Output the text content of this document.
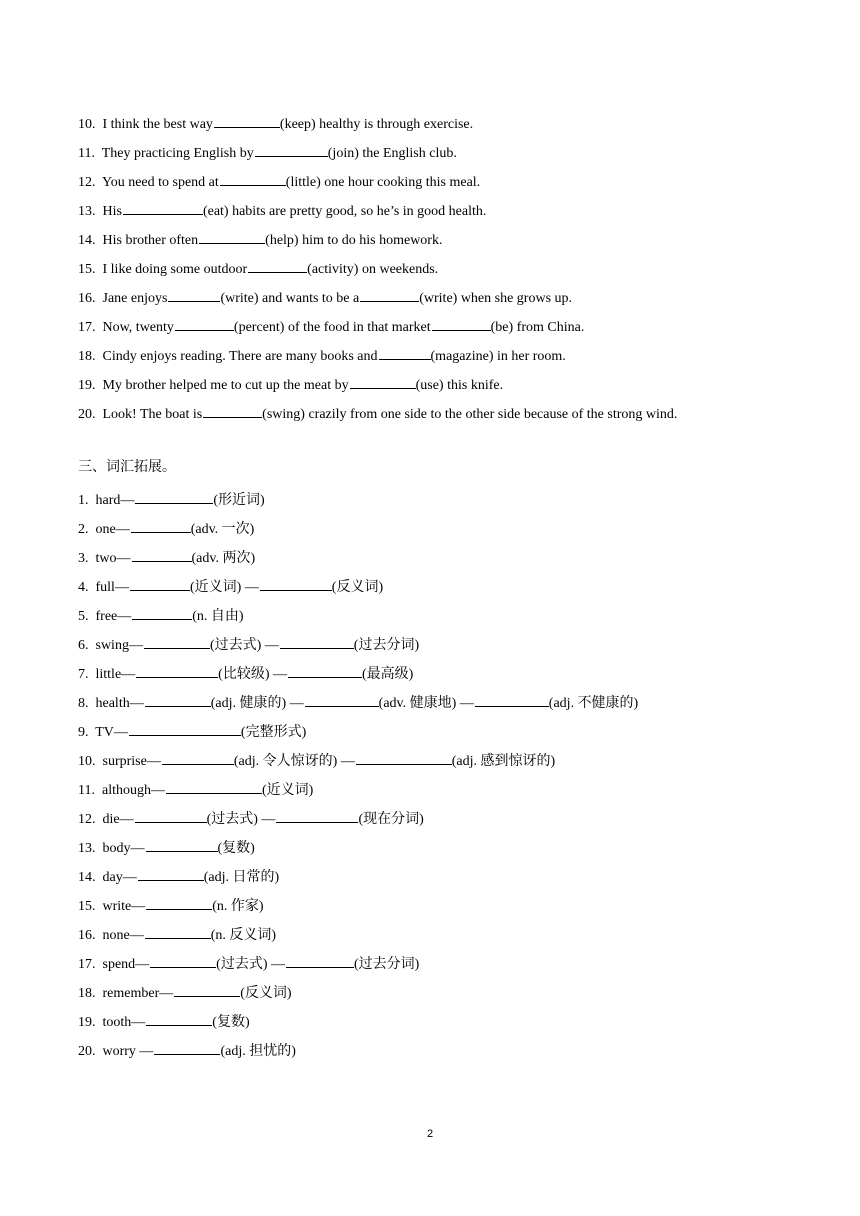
10. I think the best way	(keep) healthy is through exercise.
11. They practicing English by	(join) the English club.
12. You need to spend at	(little) one hour cooking this meal.
13. His	(eat) habits are pretty good, so he’s in good health.
14. His brother often	(help) him to do his homework.
15. I like doing some outdoor	(activity) on weekends.
16. Jane enjoys	(write) and wants to be a	(write) when she grows up.
17. Now, twenty	(percent) of the food in that market	(be) from China.
18. Cindy enjoys reading. There are many books and	(magazine) in her room.
19. My brother helped me to cut up the meat by	(use) this knife.
20. Look! The boat is	(swing) crazily from one side to the other side because of the strong wind.
三、词汇拓展。
1. hard—	(形近词)
2. one—	(adv. 一次)
3. two—	(adv. 两次)
4. full—	(近义词) —	(反义词)
5. free—	(n. 自由)
6. swing—	(过去式) —	(过去分词)
7. little—	(比较级) —	(最高级)
8. health—	(adj. 健康的) —	(adv. 健康地) —	(adj. 不健康的)
9. TV—	(完整形式)
10. surprise—	(adj. 令人惊讶的) —	(adj. 感到惊讶的)
11. although—	(近义词)
12. die—	(过去式) —	(现在分词)
13. body—	(复数)
14. day—	(adj. 日常的)
15. write—	(n. 作家)
16. none—	(n. 反义词)
17. spend—	(过去式) —	(过去分词)
18. remember—	(反义词)
19. tooth—	(复数)
20. worry —	(adj. 担忧的)
2
